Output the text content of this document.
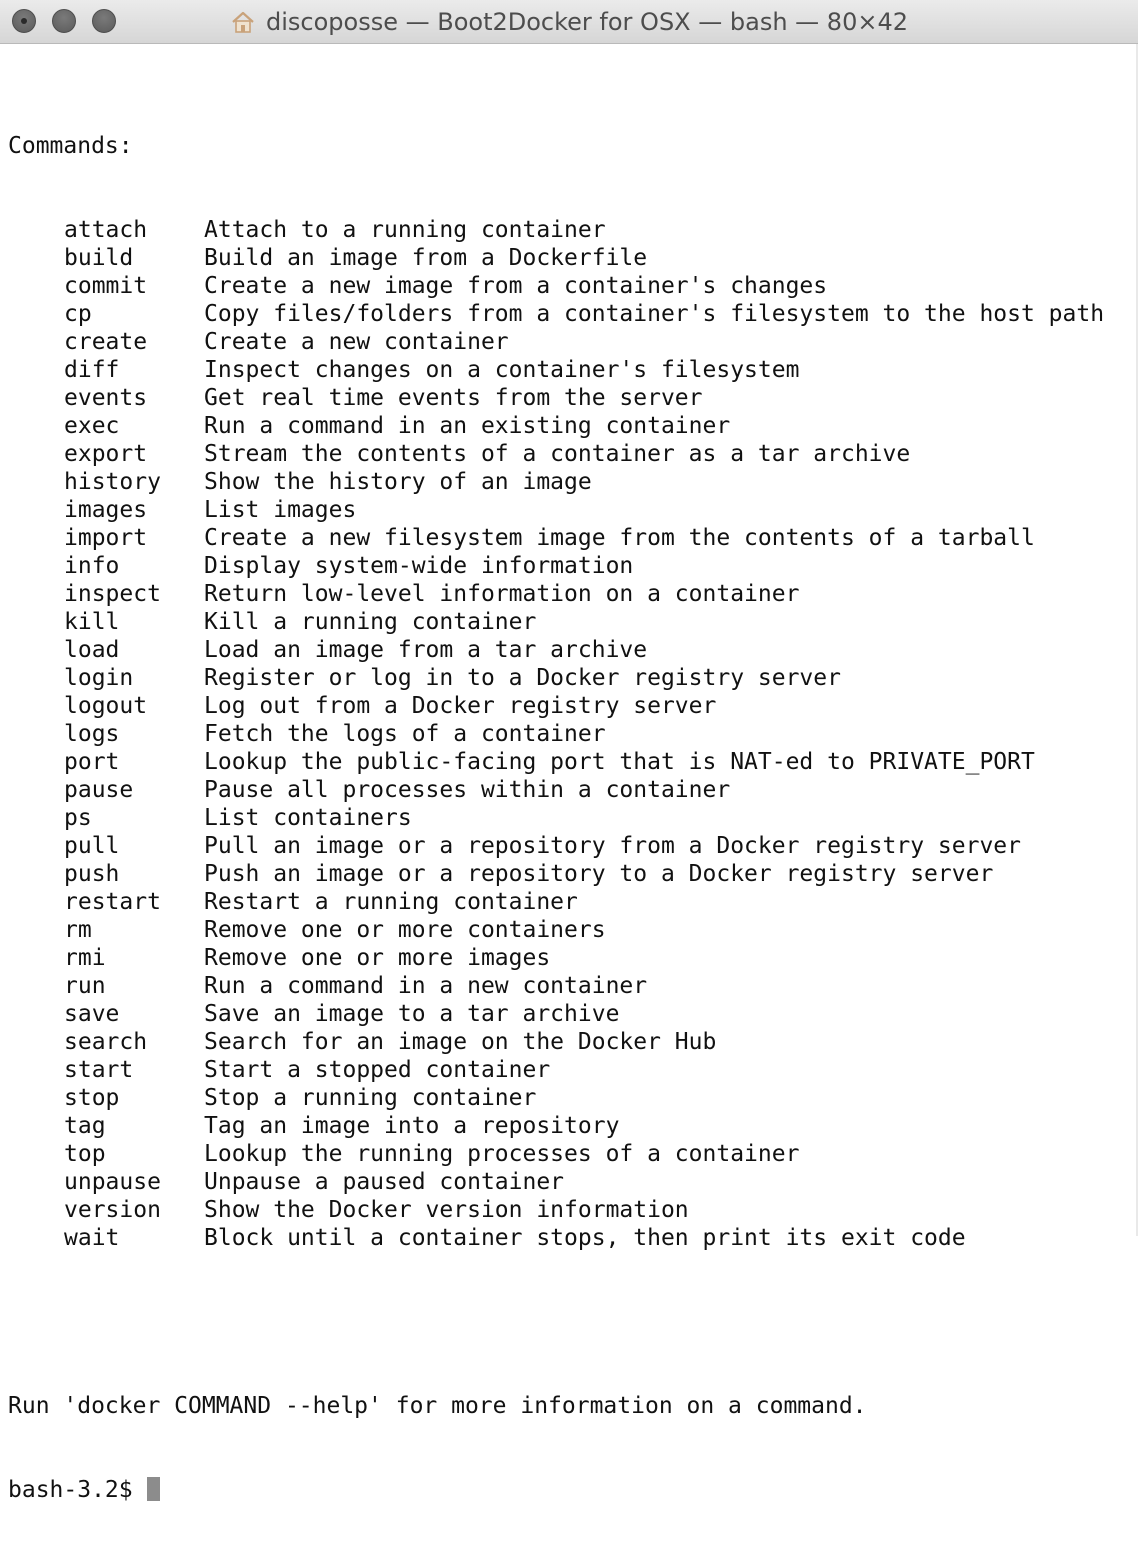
discoposse — Boot2Docker for OSX — bash — 80×42

Commands:

attach	Attach to a running container
build	Build an image from a Dockerfile
commit	Create a new image from a container's changes
cp	Copy files/folders from a container's filesystem to the host path
create	Create a new container
diff	Inspect changes on a container's filesystem
events	Get real time events from the server
exec	Run a command in an existing container
export	Stream the contents of a container as a tar archive
history	Show the history of an image
images	List images
import	Create a new filesystem image from the contents of a tarball
info	Display system-wide information
inspect	Return low-level information on a container
kill	Kill a running container
load	Load an image from a tar archive
login	Register or log in to a Docker registry server
logout	Log out from a Docker registry server
logs	Fetch the logs of a container
port	Lookup the public-facing port that is NAT-ed to PRIVATE_PORT
pause	Pause all processes within a container
ps	List containers
pull	Pull an image or a repository from a Docker registry server
push	Push an image or a repository to a Docker registry server
restart	Restart a running container
rm	Remove one or more containers
rmi	Remove one or more images
run	Run a command in a new container
save	Save an image to a tar archive
search	Search for an image on the Docker Hub
start	Start a stopped container
stop	Stop a running container
tag	Tag an image into a repository
top	Lookup the running processes of a container
unpause	Unpause a paused container
version	Show the Docker version information
wait	Block until a container stops, then print its exit code

Run 'docker COMMAND --help' for more information on a command.

bash-3.2$
